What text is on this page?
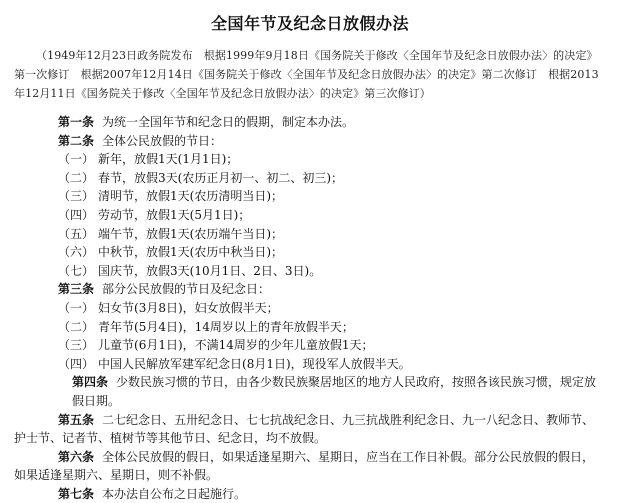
全国年节及纪念日放假办法

（1949年12月23日政务院发布　根据1999年9月18日《国务院关于修改〈全国年节及纪念日放假办法〉的决定》第一次修订　根据2007年12月14日《国务院关于修改〈全国年节及纪念日放假办法〉的决定》第二次修订　根据2013年12月11日《国务院关于修改〈全国年节及纪念日放假办法〉的决定》第三次修订）

第一条 为统一全国年节和纪念日的假期，制定本办法。

第二条 全体公民放假的节日：

（一） 新年，放假1天(1月1日)；

（二） 春节，放假3天(农历正月初一、初二、初三)；

（三） 清明节，放假1天(农历清明当日)；

（四） 劳动节，放假1天(5月1日)；

（五） 端午节，放假1天(农历端午当日)；

（六） 中秋节，放假1天(农历中秋当日)；

（七） 国庆节，放假3天(10月1日、2日、3日)。

第三条 部分公民放假的节日及纪念日：

（一） 妇女节(3月8日)，妇女放假半天；

（二） 青年节(5月4日)，14周岁以上的青年放假半天；

（三） 儿童节(6月1日)，不满14周岁的少年儿童放假1天；

（四） 中国人民解放军建军纪念日(8月1日)，现役军人放假半天。

第四条 少数民族习惯的节日，由各少数民族聚居地区的地方人民政府，按照各该民族习惯，规定放假日期。

第五条 二七纪念日、五卅纪念日、七七抗战纪念日、九三抗战胜利纪念日、九一八纪念日、教师节、护士节、记者节、植树节等其他节日、纪念日，均不放假。

第六条 全体公民放假的假日，如果适逢星期六、星期日，应当在工作日补假。部分公民放假的假日，如果适逢星期六、星期日，则不补假。

第七条 本办法自公布之日起施行。
